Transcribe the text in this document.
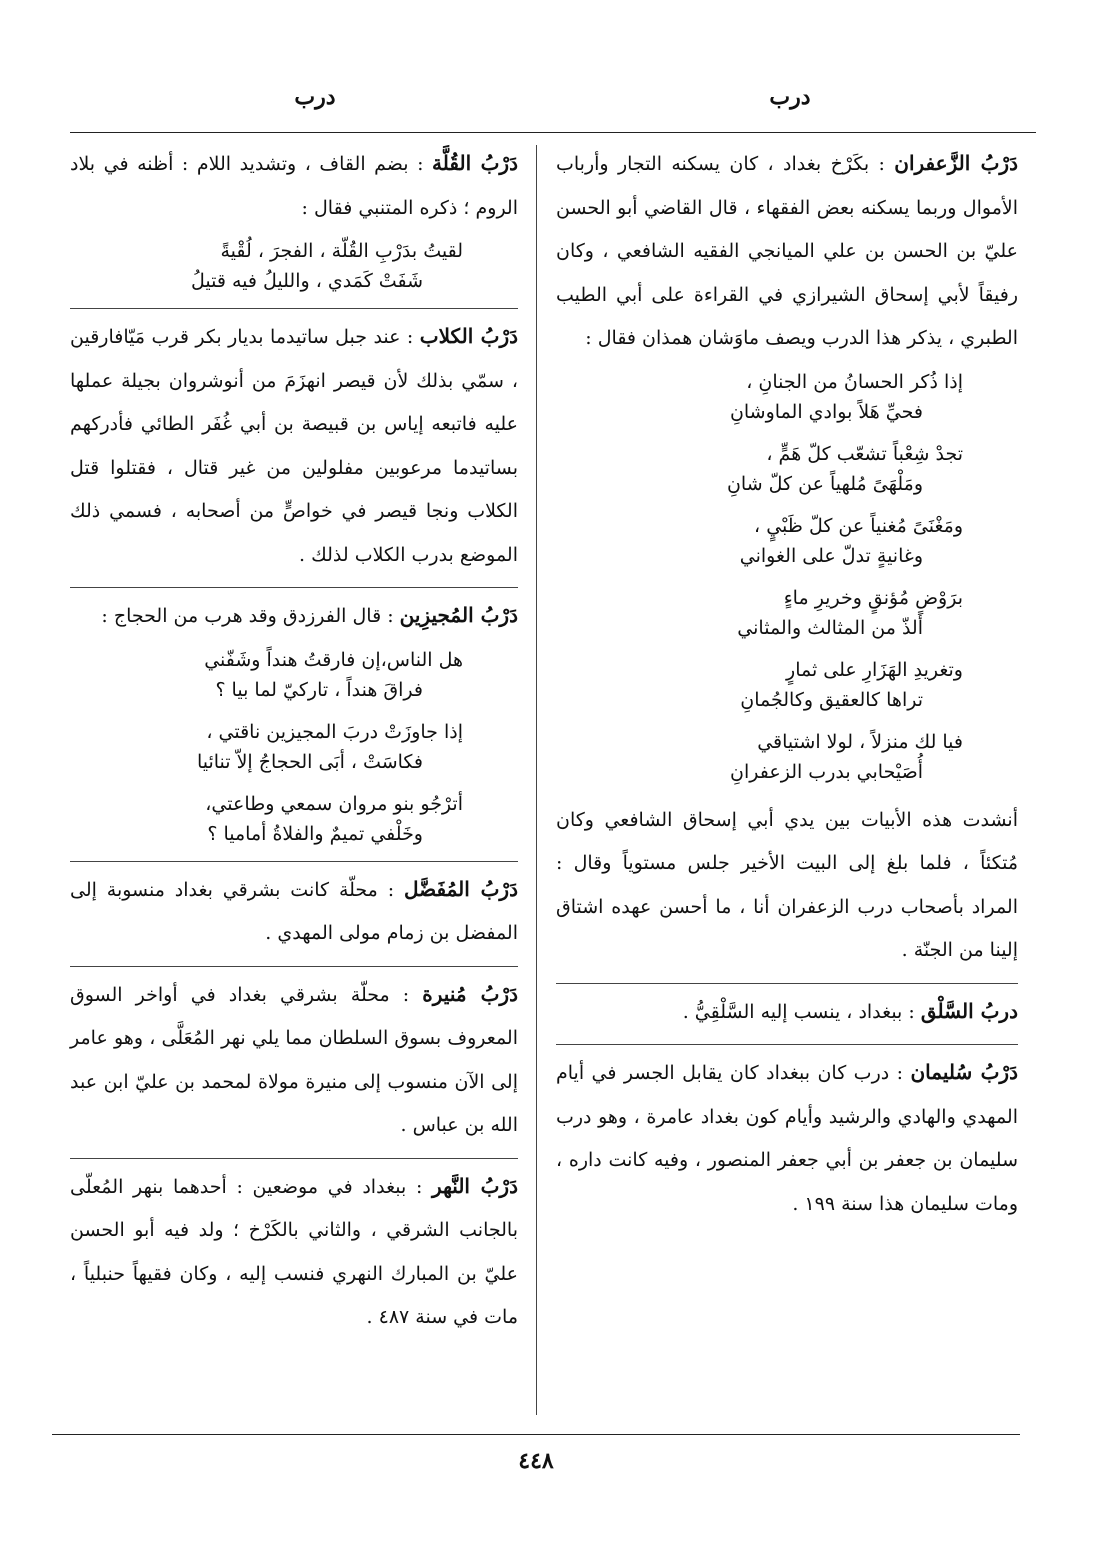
درب
درب
دَرْبُ الزَّعفران : بكَرْخ بغداد ، كان يسكنه التجار وأرباب الأموال وربما يسكنه بعض الفقهاء ، قال القاضي أبو الحسن عليّ بن الحسن بن علي الميانجي الفقيه الشافعي ، وكان رفيقاً لأبي إسحاق الشيرازي في القراءة على أبي الطيب الطبري ، يذكر هذا الدرب ويصف ماوَشان همذان فقال :
إذا ذُكر الحسانُ من الجنانِ ،
فحيِّ هَلاً بوادي الماوشانِ
تجدْ شِعْباً تشعّب كلّ هَمٍّ ،
ومَلْهَىً مُلهياً عن كلّ شانِ
ومَغْنَىً مُغنياً عن كلّ ظَبْيٍ ،
وغانيةٍ تدلّ على الغواني
برَوْضٍ مُؤنقٍ وخريرِ ماءٍ
ألذّ من المثالث والمثاني
وتغريدِ الهَزَارِ على ثمارٍ
تراها كالعقيق وكالجُمانِ
فيا لك منزلاً ، لولا اشتياقي
أُصَيْحابي بدرب الزعفرانِ
أنشدت هذه الأبيات بين يدي أبي إسحاق الشافعي وكان مُتكئاً ، فلما بلغ إلى البيت الأخير جلس مستوياً وقال : المراد بأصحاب درب الزعفران أنا ، ما أحسن عهده اشتاق إلينا من الجنّة .
دربُ السَّلْق : ببغداد ، ينسب إليه السَّلْقِيُّ .
دَرْبُ سُليمان : درب كان ببغداد كان يقابل الجسر في أيام المهدي والهادي والرشيد وأيام كون بغداد عامرة ، وهو درب سليمان بن جعفر بن أبي جعفر المنصور ، وفيه كانت داره ، ومات سليمان هذا سنة ١٩٩ .
دَرْبُ القُلَّة : بضم القاف ، وتشديد اللام : أظنه في بلاد الروم ؛ ذكره المتنبي فقال :
لقيتُ بدَرْبِ القُلّة ، الفجرَ ، لُقْيةً
شَفَتْ كَمَدي ، والليلُ فيه قتيلُ
دَرْبُ الكلاب : عند جبل ساتيدما بديار بكر قرب مَيّافارقين ، سمّي بذلك لأن قيصر انهزَمَ من أنوشروان بجيلة عملها عليه فاتبعه إياس بن قبيصة بن أبي غُفَر الطائي فأدركهم بساتيدما مرعوبين مفلولين من غير قتال ، فقتلوا قتل الكلاب ونجا قيصر في خواصٍّ من أصحابه ، فسمي ذلك الموضع بدرب الكلاب لذلك .
دَرْبُ المُجيزِين : قال الفرزدق وقد هرب من الحجاج :
هل الناس،إن فارقتُ هنداً وشَفّني
فراقَ هنداً ، تاركيّ لما بيا ؟
إذا جاوزَتْ دربَ المجيزين ناقتي ،
فكاسَتْ ، أبَى الحجاجُ إلاّ تنائيا
أترْجُو بنو مروان سمعي وطاعتي،
وخَلْفي تميمٌ والفلاةُ أماميا ؟
دَرْبُ المُفَضَّل : محلّة كانت بشرقي بغداد منسوبة إلى المفضل بن زمام مولى المهدي .
دَرْبُ مُنيرة : محلّة بشرقي بغداد في أواخر السوق المعروف بسوق السلطان مما يلي نهر المُعَلَّى ، وهو عامر إلى الآن منسوب إلى منيرة مولاة لمحمد بن عليّ ابن عبد الله بن عباس .
دَرْبُ النَّهر : ببغداد في موضعين : أحدهما بنهر المُعلّى بالجانب الشرقي ، والثاني بالكَرْخ ؛ ولد فيه أبو الحسن عليّ بن المبارك النهري فنسب إليه ، وكان فقيهاً حنبلياً ، مات في سنة ٤٨٧ .
٤٤٨
